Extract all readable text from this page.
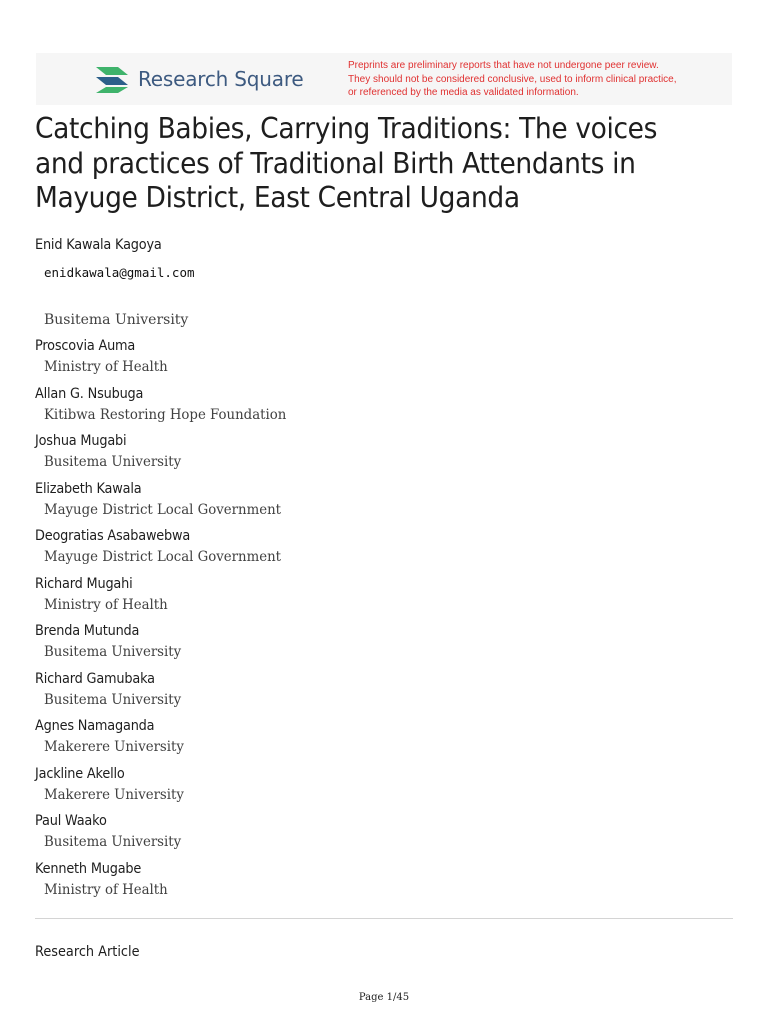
Research Square
Preprints are preliminary reports that have not undergone peer review.
They should not be considered conclusive, used to inform clinical practice,
or referenced by the media as validated information.
Catching Babies, Carrying Traditions: The voices
and practices of Traditional Birth Attendants in
Mayuge District, East Central Uganda
Enid Kawala Kagoya
enidkawala@gmail.com
Busitema University
Proscovia Auma
Ministry of Health
Allan G. Nsubuga
Kitibwa Restoring Hope Foundation
Joshua Mugabi
Busitema University
Elizabeth Kawala
Mayuge District Local Government
Deogratias Asabawebwa
Mayuge District Local Government
Richard Mugahi
Ministry of Health
Brenda Mutunda
Busitema University
Richard Gamubaka
Busitema University
Agnes Namaganda
Makerere University
Jackline Akello
Makerere University
Paul Waako
Busitema University
Kenneth Mugabe
Ministry of Health
Research Article
Page 1/45
